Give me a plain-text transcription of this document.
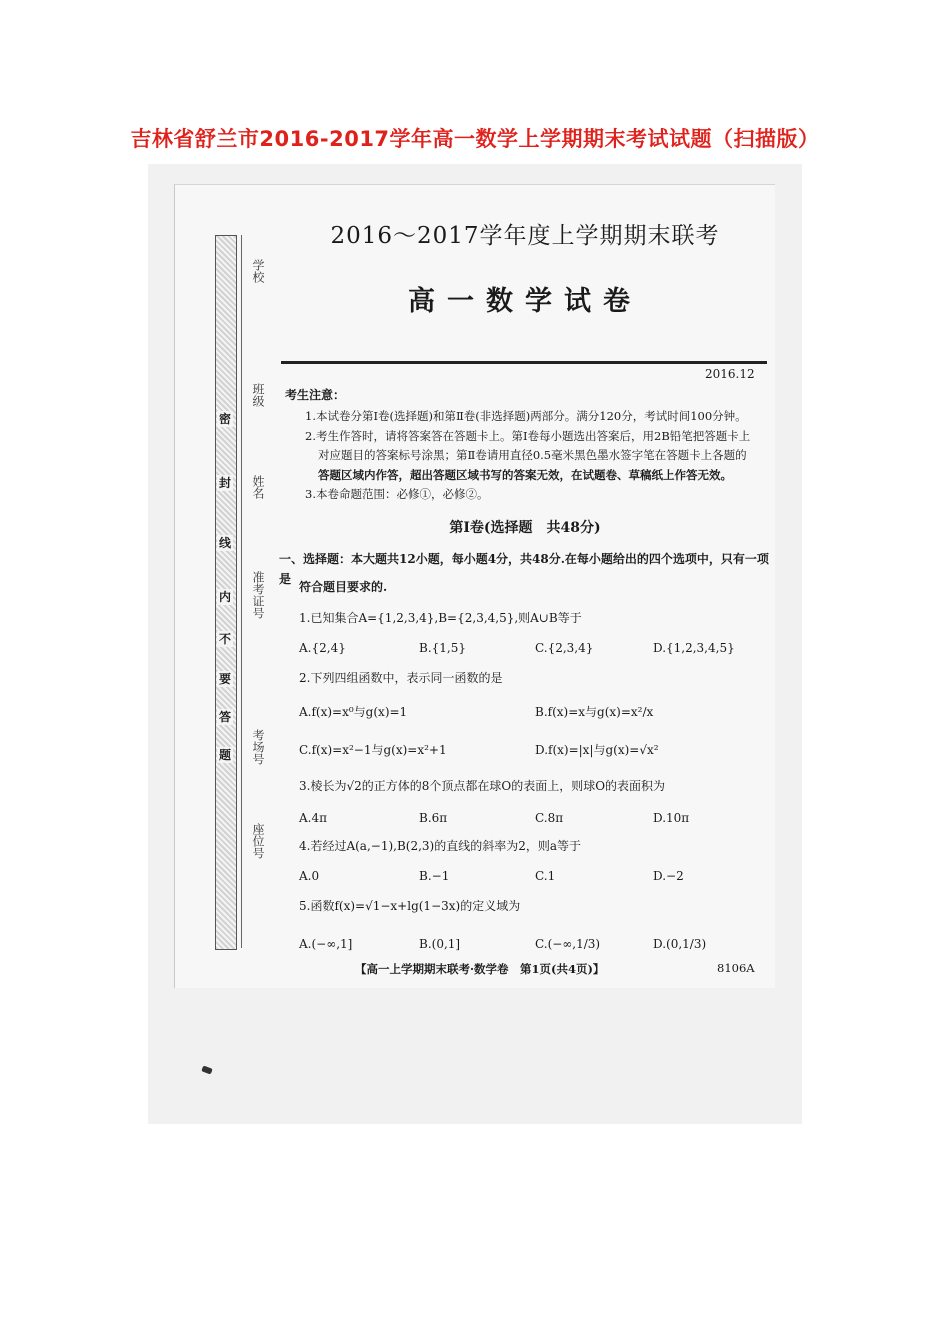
吉林省舒兰市2016-2017学年高一数学上学期期末考试试题（扫描版）
密
封
线
内
不
要
答
题
学校
班级
姓名
准考证号
考场号
座位号
2016～2017学年度上学期期末联考
高一数学试卷
2016.12
考生注意：

1.本试卷分第Ⅰ卷(选择题)和第Ⅱ卷(非选择题)两部分。满分120分，考试时间100分钟。

2.考生作答时，请将答案答在答题卡上。第Ⅰ卷每小题选出答案后，用2B铅笔把答题卡上

对应题目的答案标号涂黑；第Ⅱ卷请用直径0.5毫米黑色墨水签字笔在答题卡上各题的

答题区域内作答，超出答题区域书写的答案无效，在试题卷、草稿纸上作答无效。

3.本卷命题范围：必修①，必修②。

第Ⅰ卷(选择题　共48分)
一、选择题：本大题共12小题，每小题4分，共48分.在每小题给出的四个选项中，只有一项是
符合题目要求的.
1.已知集合A={1,2,3,4},B={2,3,4,5},则A∪B等于
A.{2,4}	B.{1,5}	C.{2,3,4}	D.{1,2,3,4,5}
2.下列四组函数中，表示同一函数的是
A.f(x)=x⁰与g(x)=1	B.f(x)=x与g(x)=x²/x
C.f(x)=x²−1与g(x)=x²+1	D.f(x)=|x|与g(x)=√x²
3.棱长为√2的正方体的8个顶点都在球O的表面上，则球O的表面积为
A.4π	B.6π	C.8π	D.10π
4.若经过A(a,−1),B(2,3)的直线的斜率为2，则a等于
A.0	B.−1	C.1	D.−2
5.函数f(x)=√1−x+lg(1−3x)的定义域为
A.(−∞,1]	B.(0,1]	C.(−∞,1/3)	D.(0,1/3)
【高一上学期期末联考·数学卷　第1页(共4页)】	8106A
